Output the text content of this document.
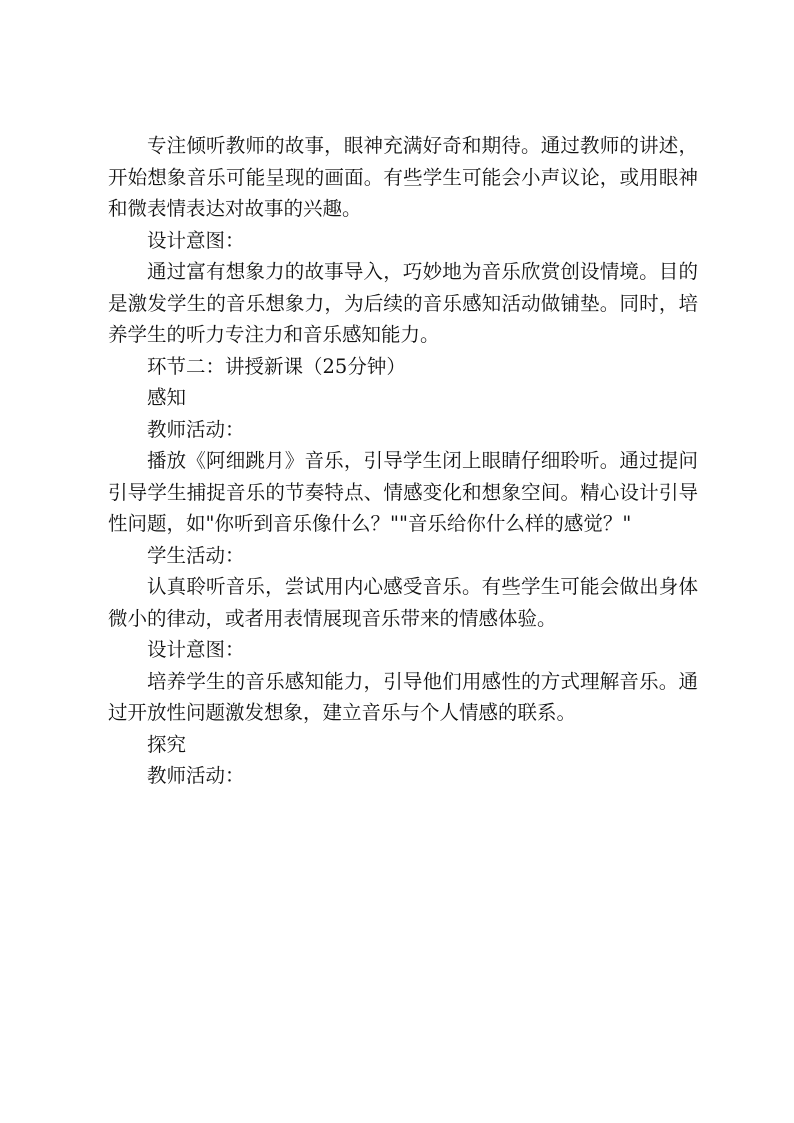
专注倾听教师的故事，眼神充满好奇和期待。通过教师的讲述，开始想象音乐可能呈现的画面。有些学生可能会小声议论，或用眼神和微表情表达对故事的兴趣。

设计意图：

通过富有想象力的故事导入，巧妙地为音乐欣赏创设情境。目的是激发学生的音乐想象力，为后续的音乐感知活动做铺垫。同时，培养学生的听力专注力和音乐感知能力。

环节二：讲授新课（25分钟）

感知

教师活动：

播放《阿细跳月》音乐，引导学生闭上眼睛仔细聆听。通过提问引导学生捕捉音乐的节奏特点、情感变化和想象空间。精心设计引导性问题，如"你听到音乐像什么？""音乐给你什么样的感觉？"

学生活动：

认真聆听音乐，尝试用内心感受音乐。有些学生可能会做出身体微小的律动，或者用表情展现音乐带来的情感体验。

设计意图：

培养学生的音乐感知能力，引导他们用感性的方式理解音乐。通过开放性问题激发想象，建立音乐与个人情感的联系。

探究

教师活动：
